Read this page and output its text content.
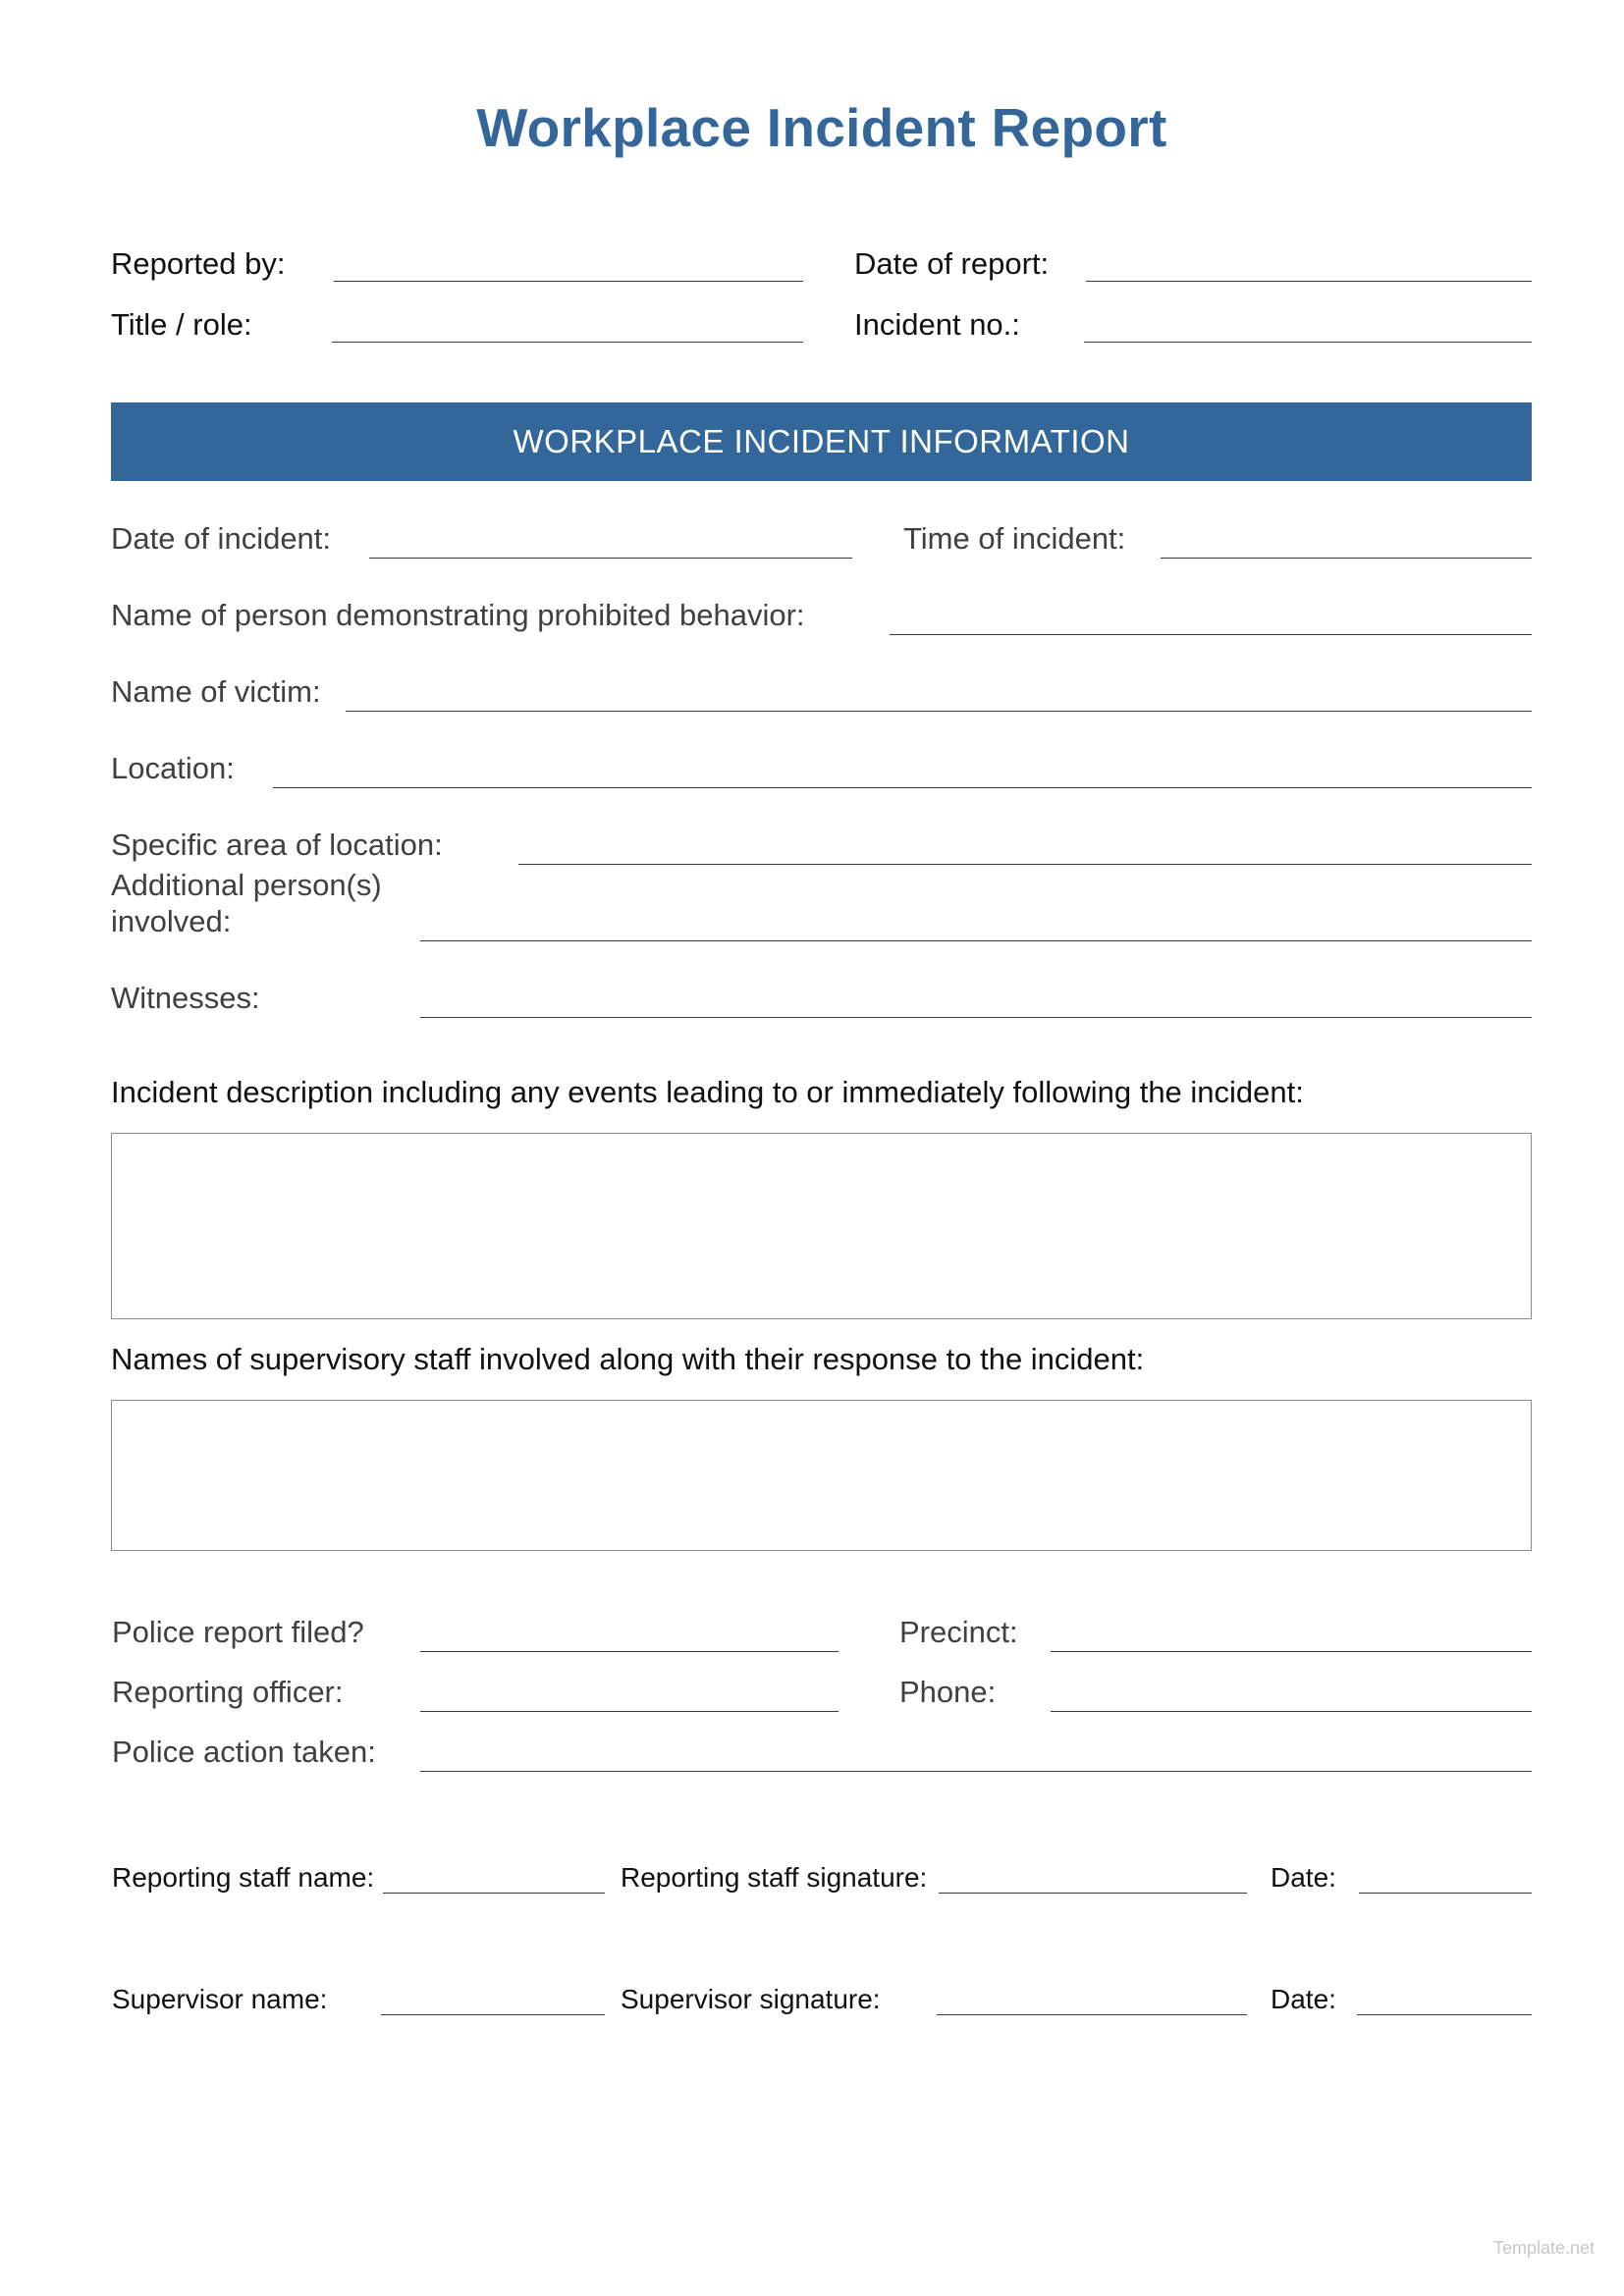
Workplace Incident Report
Reported by:	Date of report:
Title / role:	Incident no.:
WORKPLACE INCIDENT INFORMATION
Date of incident:	Time of incident:
Name of person demonstrating prohibited behavior:
Name of victim:
Location:
Specific area of location:
Additional person(s)
involved:
Witnesses:
Incident description including any events leading to or immediately following the incident:
Names of supervisory staff involved along with their response to the incident:
Police report filed?	Precinct:
Reporting officer:	Phone:
Police action taken:
Reporting staff name:	Reporting staff signature:	Date:
Supervisor name:	Supervisor signature:	Date:
Template.net
